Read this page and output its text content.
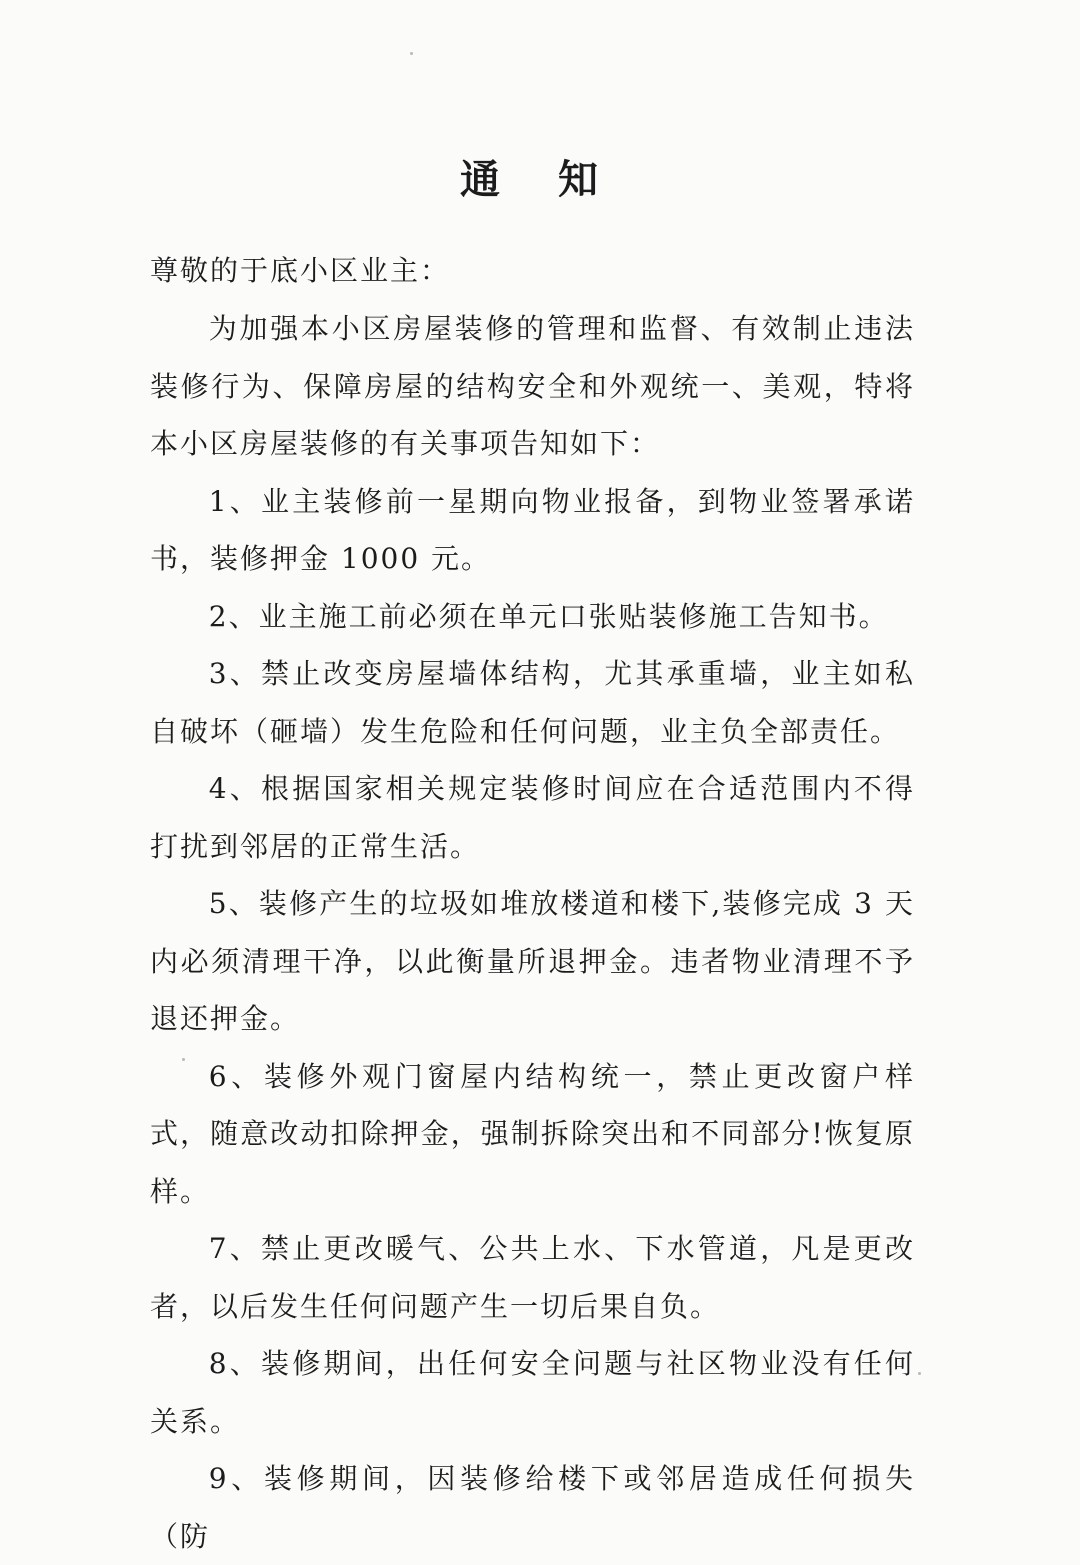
通 知
尊敬的于底小区业主：

为加强本小区房屋装修的管理和监督、有效制止违法装修行为、保障房屋的结构安全和外观统一、美观，特将本小区房屋装修的有关事项告知如下：

1、业主装修前一星期向物业报备，到物业签署承诺书，装修押金 1000 元。

2、业主施工前必须在单元口张贴装修施工告知书。

3、禁止改变房屋墙体结构，尤其承重墙，业主如私自破坏（砸墙）发生危险和任何问题，业主负全部责任。

4、根据国家相关规定装修时间应在合适范围内不得打扰到邻居的正常生活。

5、装修产生的垃圾如堆放楼道和楼下,装修完成 3 天内必须清理干净，以此衡量所退押金。违者物业清理不予退还押金。

6、装修外观门窗屋内结构统一，禁止更改窗户样式，随意改动扣除押金，强制拆除突出和不同部分!恢复原样。

7、禁止更改暖气、公共上水、下水管道，凡是更改者，以后发生任何问题产生一切后果自负。

8、装修期间，出任何安全问题与社区物业没有任何关系。

9、装修期间，因装修给楼下或邻居造成任何损失（防
